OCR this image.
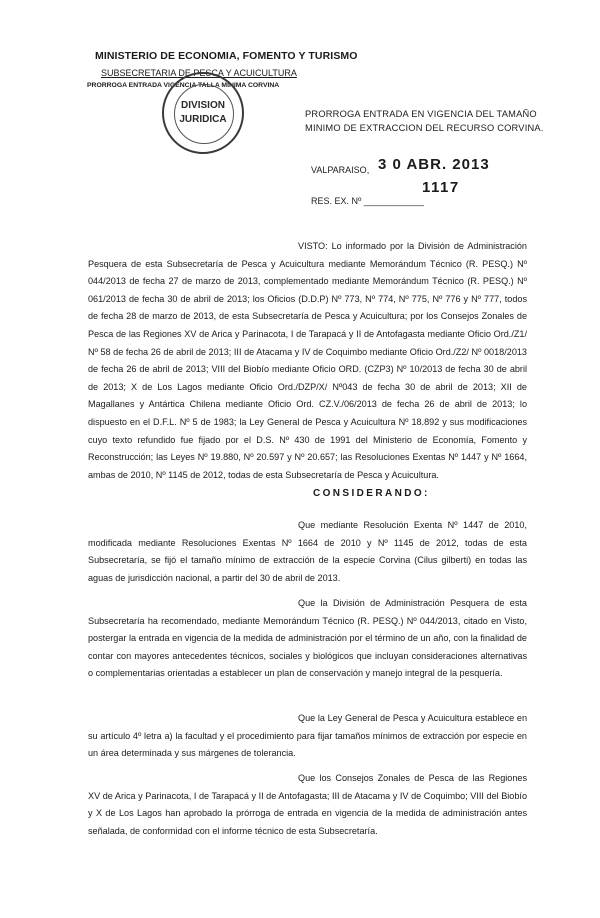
MINISTERIO DE ECONOMIA, FOMENTO Y TURISMO
SUBSECRETARIA DE PESCA Y ACUICULTURA
PRORROGA ENTRADA VIGENCIA TALLA MINIMA CORVINA
DIVISION
JURIDICA	PRORROGA ENTRADA EN VIGENCIA DEL TAMAÑO MINIMO DE EXTRACCION DEL RECURSO CORVINA.
VALPARAISO, 3 0 ABR. 2013
1117
RES. EX. Nº ____________
VISTO: Lo informado por la División de Administración Pesquera de esta Subsecretaría de Pesca y Acuicultura mediante Memorándum Técnico (R. PESQ.) Nº 044/2013 de fecha 27 de marzo de 2013, complementado mediante Memorándum Técnico (R. PESQ.) Nº 061/2013 de fecha 30 de abril de 2013; los Oficios (D.D.P) Nº 773, Nº 774, Nº 775, Nº 776 y Nº 777, todos de fecha 28 de marzo de 2013, de esta Subsecretaría de Pesca y Acuicultura; por los Consejos Zonales de Pesca de las Regiones XV de Arica y Parinacota, I de Tarapacá y II de Antofagasta mediante Oficio Ord./Z1/ Nº 58 de fecha 26 de abril de 2013; III de Atacama y IV de Coquimbo mediante Oficio Ord./Z2/ Nº 0018/2013 de fecha 26 de abril de 2013; VIII del Biobío mediante Oficio ORD. (CZP3) Nº 10/2013 de fecha 30 de abril de 2013; X de Los Lagos mediante Oficio Ord./DZP/X/ Nº043 de fecha 30 de abril de 2013; XII de Magallanes y Antártica Chilena mediante Oficio Ord. CZ.V./06/2013 de fecha 26 de abril de 2013; lo dispuesto en el D.F.L. Nº 5 de 1983; la Ley General de Pesca y Acuicultura Nº 18.892 y sus modificaciones cuyo texto refundido fue fijado por el D.S. Nº 430 de 1991 del Ministerio de Economía, Fomento y Reconstrucción; las Leyes Nº 19.880, Nº 20.597 y Nº 20.657; las Resoluciones Exentas Nº 1447 y Nº 1664, ambas de 2010, Nº 1145 de 2012, todas de esta Subsecretaría de Pesca y Acuicultura.
CONSIDERANDO:
Que mediante Resolución Exenta Nº 1447 de 2010, modificada mediante Resoluciones Exentas Nº 1664 de 2010 y Nº 1145 de 2012, todas de esta Subsecretaría, se fijó el tamaño mínimo de extracción de la especie Corvina (Cilus gilberti) en todas las aguas de jurisdicción nacional, a partir del 30 de abril de 2013.
Que la División de Administración Pesquera de esta Subsecretaría ha recomendado, mediante Memorándum Técnico (R. PESQ.) Nº 044/2013, citado en Visto, postergar la entrada en vigencia de la medida de administración por el término de un año, con la finalidad de contar con mayores antecedentes técnicos, sociales y biológicos que incluyan consideraciones alternativas o complementarias orientadas a establecer un plan de conservación y manejo integral de la pesquería.
Que la Ley General de Pesca y Acuicultura establece en su artículo 4º letra a) la facultad y el procedimiento para fijar tamaños mínimos de extracción por especie en un área determinada y sus márgenes de tolerancia.
Que los Consejos Zonales de Pesca de las Regiones XV de Arica y Parinacota, I de Tarapacá y II de Antofagasta; III de Atacama y IV de Coquimbo; VIII del Biobío y X de Los Lagos han aprobado la prórroga de entrada en vigencia de la medida de administración antes señalada, de conformidad con el informe técnico de esta Subsecretaría.
